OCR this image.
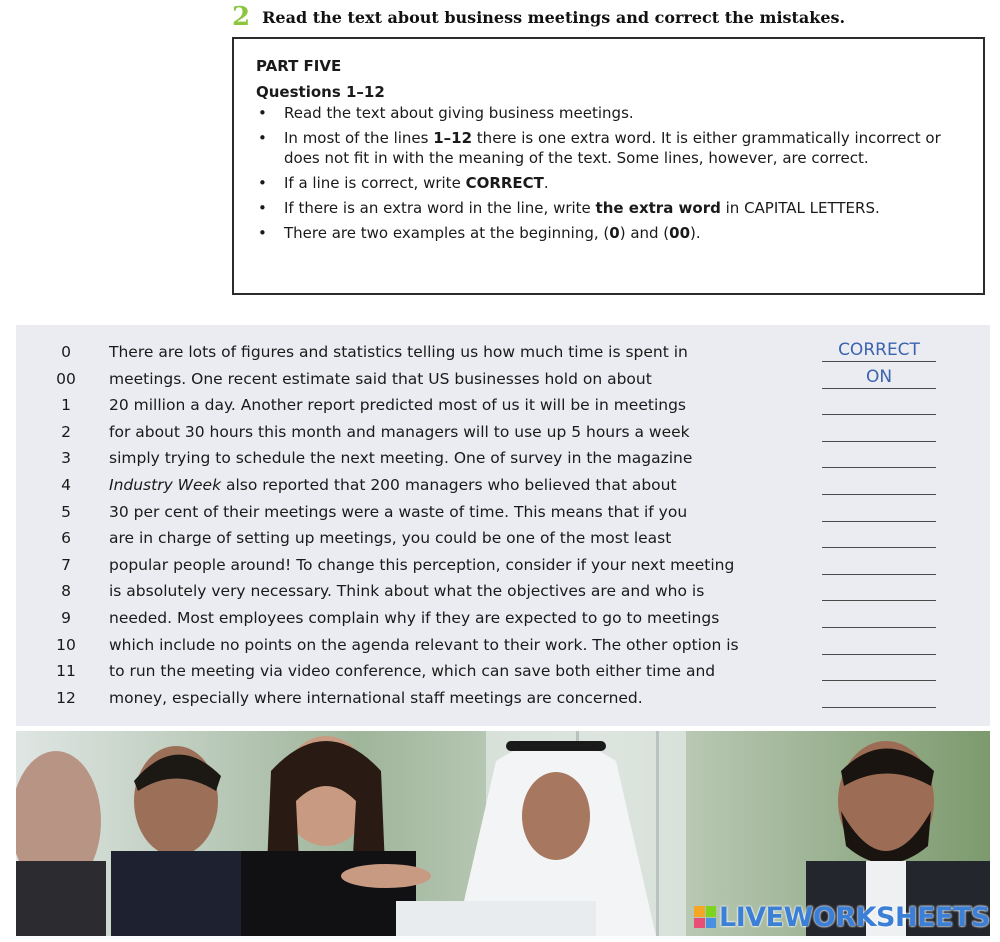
2 Read the text about business meetings and correct the mistakes.
PART FIVE
Questions 1–12
• Read the text about giving business meetings.
• In most of the lines 1–12 there is one extra word. It is either grammatically incorrect or does not fit in with the meaning of the text. Some lines, however, are correct.
• If a line is correct, write CORRECT.
• If there is an extra word in the line, write the extra word in CAPITAL LETTERS.
• There are two examples at the beginning, (0) and (00).
0	There are lots of figures and statistics telling us how much time is spent in	CORRECT
00	meetings. One recent estimate said that US businesses hold on about	ON
1	20 million a day. Another report predicted most of us it will be in meetings
2	for about 30 hours this month and managers will to use up 5 hours a week
3	simply trying to schedule the next meeting. One of survey in the magazine
4	Industry Week also reported that 200 managers who believed that about
5	30 per cent of their meetings were a waste of time. This means that if you
6	are in charge of setting up meetings, you could be one of the most least
7	popular people around! To change this perception, consider if your next meeting
8	is absolutely very necessary. Think about what the objectives are and who is
9	needed. Most employees complain why if they are expected to go to meetings
10	which include no points on the agenda relevant to their work. The other option is
11	to run the meeting via video conference, which can save both either time and
12	money, especially where international staff meetings are concerned.
LIVEWORKSHEETS
